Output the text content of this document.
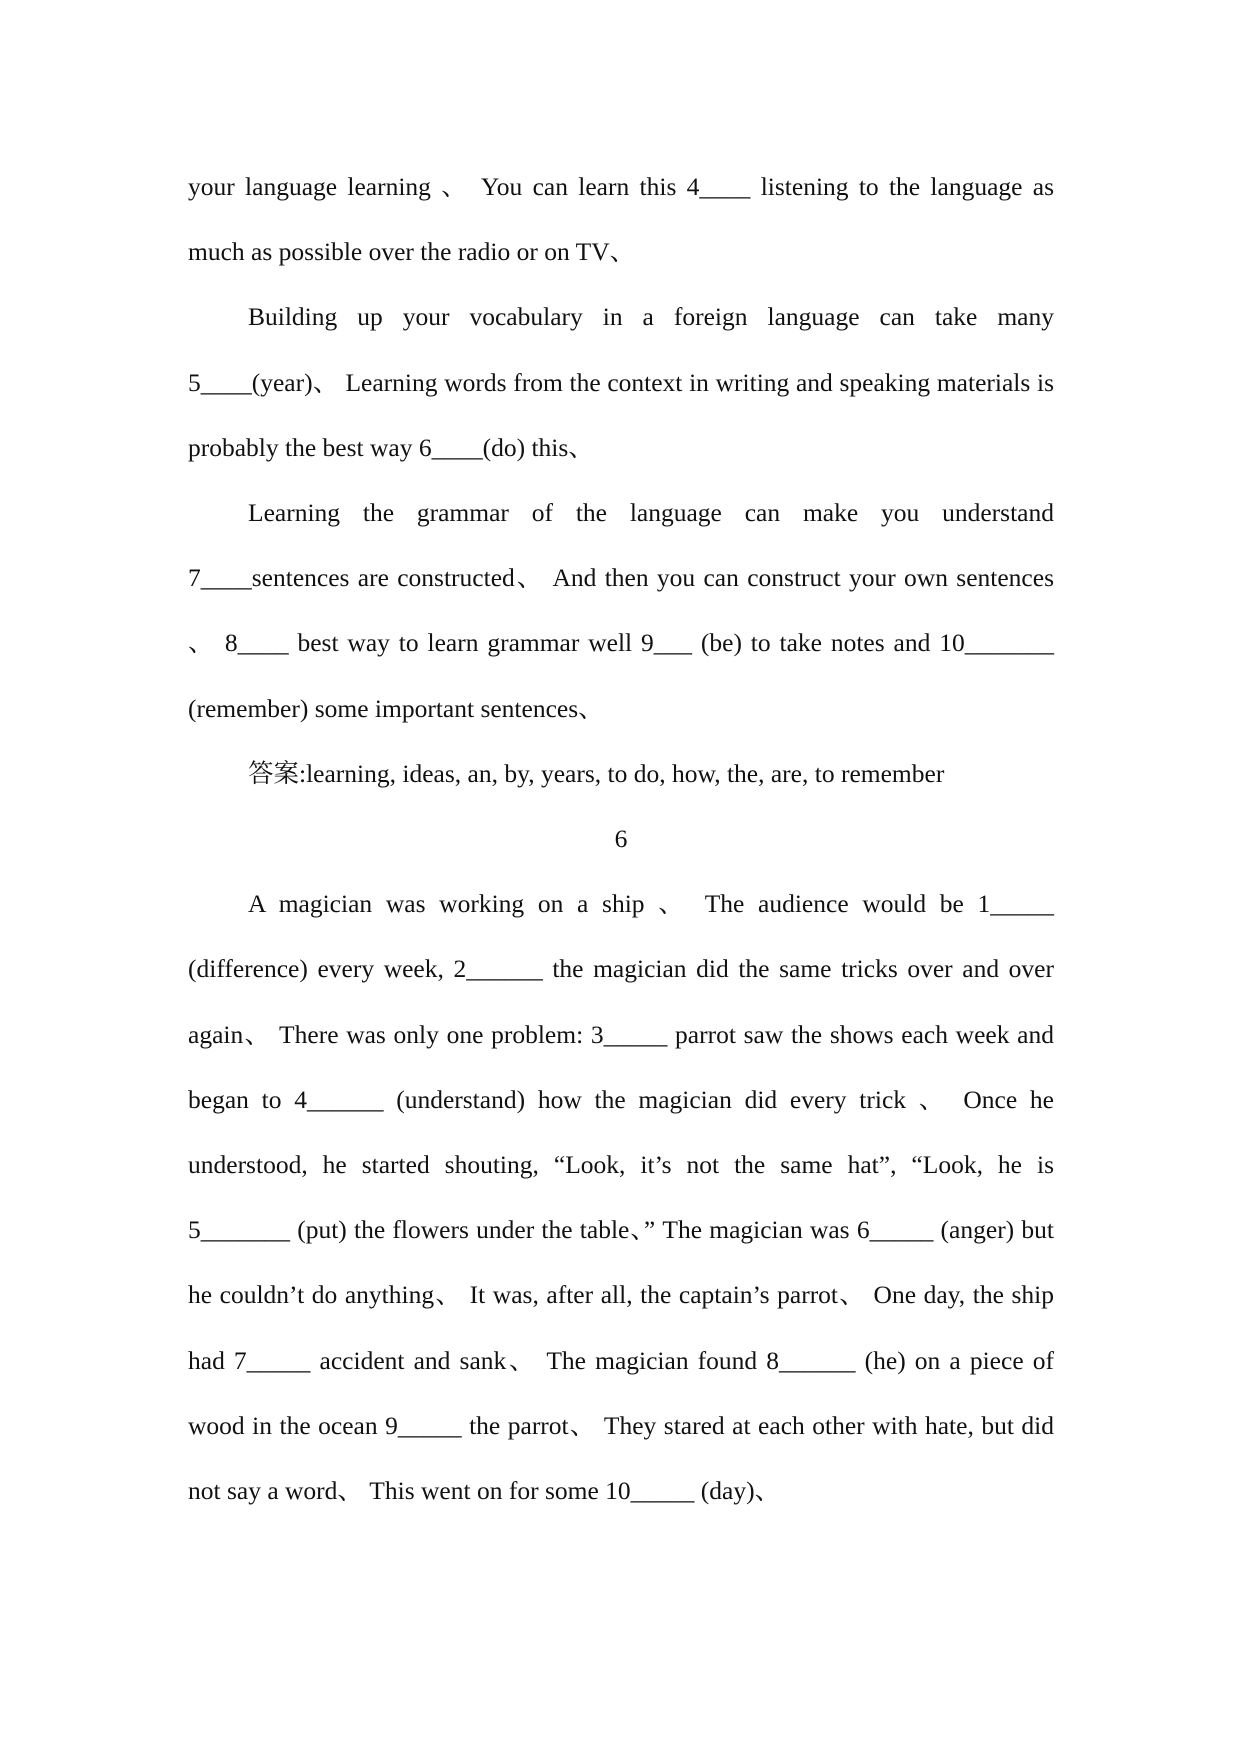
your language learning 、 You can learn this 4____ listening to the language as much as possible over the radio or on TV、

Building up your vocabulary in a foreign language can take many 5____(year)、 Learning words from the context in writing and speaking materials is probably the best way 6____(do) this、

Learning the grammar of the language can make you understand 7____sentences are constructed、 And then you can construct your own sentences 、 8____ best way to learn grammar well 9___ (be) to take notes and 10_______ (remember) some important sentences、

答案:learning, ideas, an, by, years, to do, how, the, are, to remember

6

A magician was working on a ship 、 The audience would be 1_____ (difference) every week, 2______ the magician did the same tricks over and over again、 There was only one problem: 3_____ parrot saw the shows each week and began to 4______ (understand) how the magician did every trick 、 Once he understood, he started shouting, “Look, it’s not the same hat”, “Look, he is 5_______ (put) the flowers under the table、” The magician was 6_____ (anger) but he couldn’t do anything、 It was, after all, the captain’s parrot、 One day, the ship had 7_____ accident and sank、 The magician found 8______ (he) on a piece of wood in the ocean 9_____ the parrot、 They stared at each other with hate, but did not say a word、 This went on for some 10_____ (day)、
